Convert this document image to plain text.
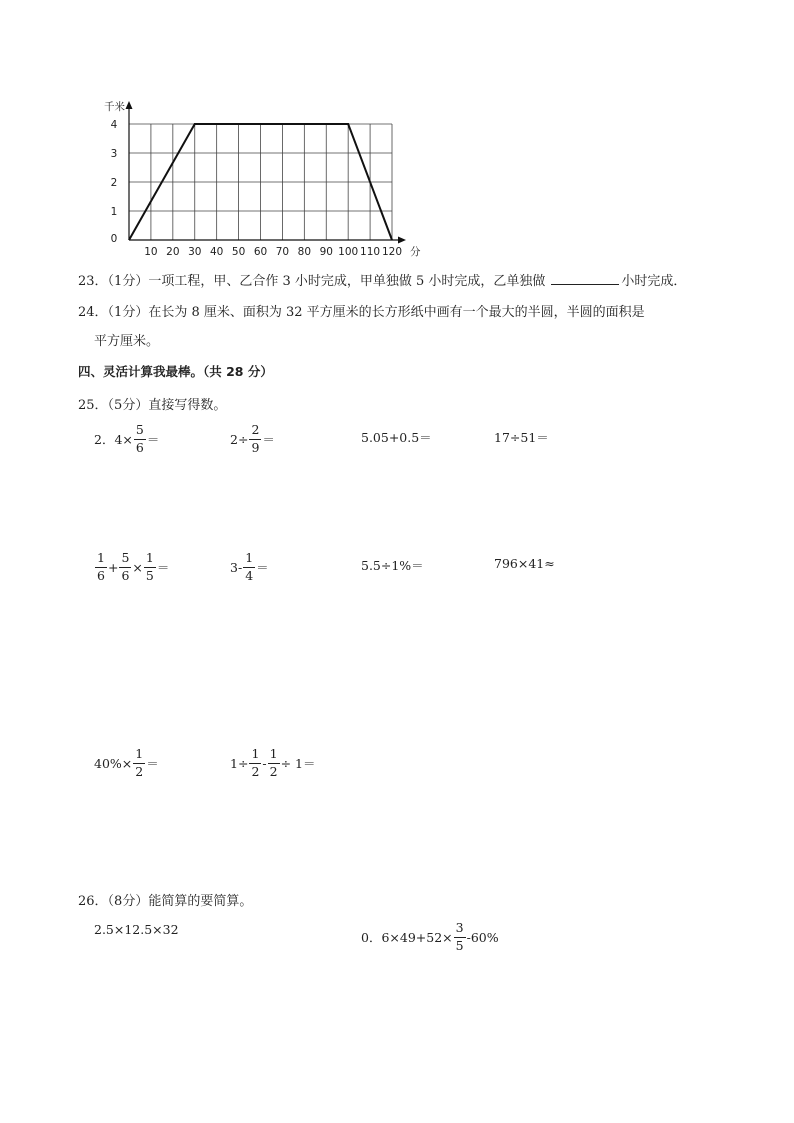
10 20 30 40 50 60 70 80 90 100 110 120
0
1
2
3
4
千米
分
23．（1分）一项工程，甲、乙合作 3 小时完成，甲单独做 5 小时完成，乙单独做	小时完成．
24．（1分）在长为 8 厘米、面积为 32 平方厘米的长方形纸中画有一个最大的半圆，半圆的面积是
平方厘米。
四、灵活计算我最棒。（共 28 分）
25．（5分）直接写得数。
2．$4\times \frac{5}{6}$ ＝	$2\div \frac{2}{9}$ ＝	5.05+0.5＝	17÷51＝
$\frac{1}{6} + \frac{5}{6} \times \frac{1}{5}$ ＝	$3- \frac{1}{4}$ ＝	5.5÷1%＝	796×41≈
$40\%\times \frac{1}{2}$ ＝	$1\div \frac{1}{2} - \frac{1}{2} \div 1=$
26．（8分）能简算的要简算。
2.5×12.5×32
0．$6\times 49+52\times \frac{3}{5} -60\%$
